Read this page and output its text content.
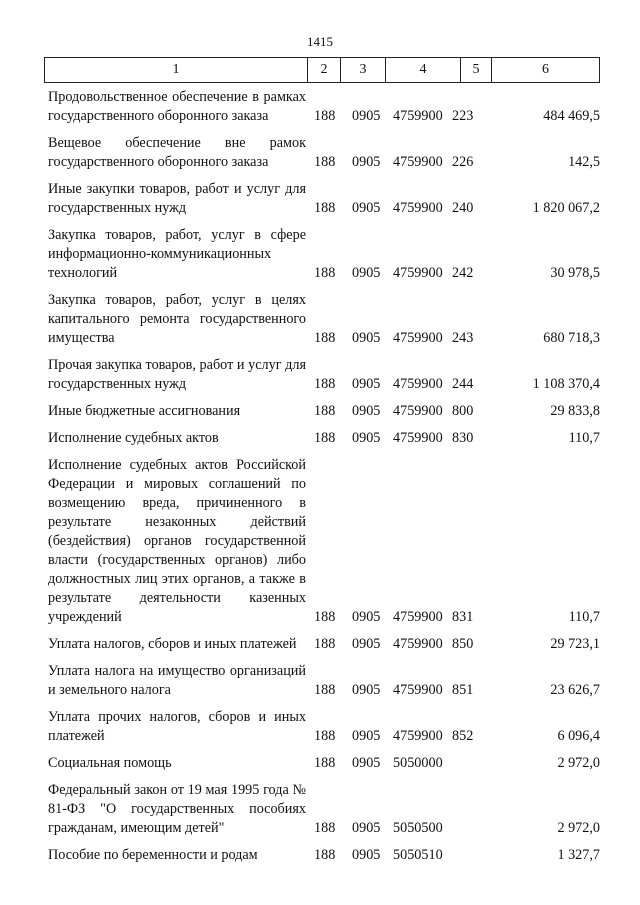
1415
1	2	3	4	5	6
Продовольственное обеспечение в рамках государственного оборонного заказа	188 0905 4759900 223	484 469,5
Вещевое обеспечение вне рамок государственного оборонного заказа	188 0905 4759900 226	142,5
Иные закупки товаров, работ и услуг для государственных нужд	188 0905 4759900 240	1 820 067,2
Закупка товаров, работ, услуг в сфере информационно-коммуникационных технологий	188 0905 4759900 242	30 978,5
Закупка товаров, работ, услуг в целях капитального ремонта государственного имущества	188 0905 4759900 243	680 718,3
Прочая закупка товаров, работ и услуг для государственных нужд	188 0905 4759900 244	1 108 370,4
Иные бюджетные ассигнования	188 0905 4759900 800	29 833,8
Исполнение судебных актов	188 0905 4759900 830	110,7
Исполнение судебных актов Российской Федерации и мировых соглашений по возмещению вреда, причиненного в результате незаконных действий (бездействия) органов государственной власти (государственных органов) либо должностных лиц этих органов, а также в результате деятельности казенных учреждений	188 0905 4759900 831	110,7
Уплата налогов, сборов и иных платежей	188 0905 4759900 850	29 723,1
Уплата налога на имущество организаций и земельного налога	188 0905 4759900 851	23 626,7
Уплата прочих налогов, сборов и иных платежей	188 0905 4759900 852	6 096,4
Социальная помощь	188 0905 5050000	2 972,0
Федеральный закон от 19 мая 1995 года № 81-ФЗ "О государственных пособиях гражданам, имеющим детей"	188 0905 5050500	2 972,0
Пособие по беременности и родам	188 0905 5050510	1 327,7
